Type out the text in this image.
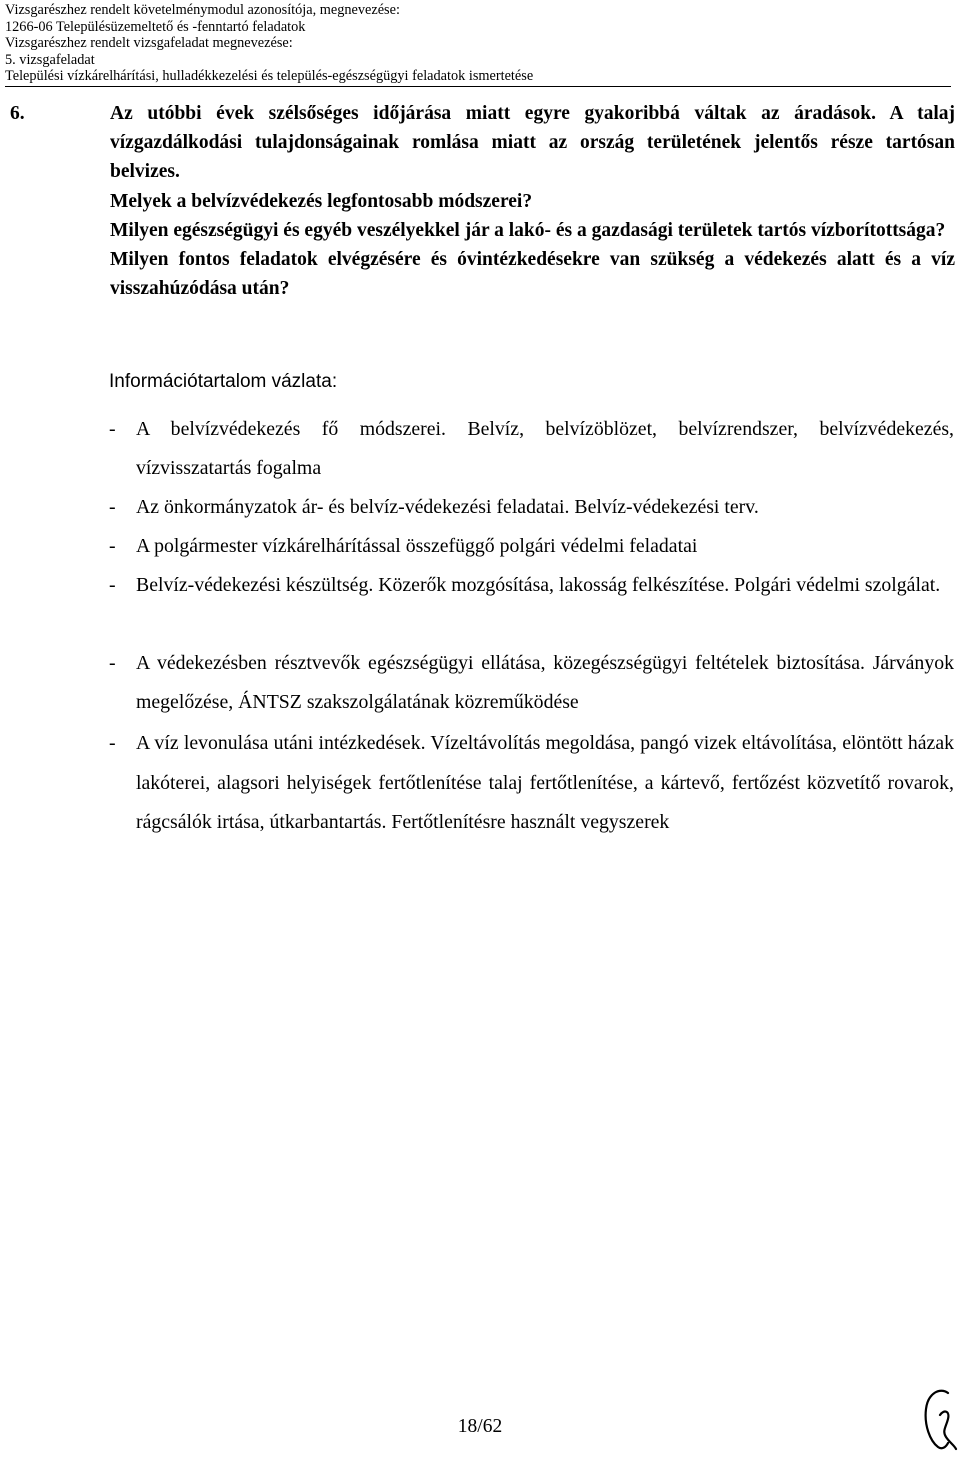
Vizsgarészhez rendelt követelménymodul azonosítója, megnevezése:
1266-06 Településüzemeltető és -fenntartó feladatok
Vizsgarészhez rendelt vizsgafeladat megnevezése:
5. vizsgafeladat
Települési vízkárelhárítási, hulladékkezelési és település-egészségügyi feladatok ismertetése
6.	Az utóbbi évek szélsőséges időjárása miatt egyre gyakoribbá váltak az áradások. A talaj vízgazdálkodási tulajdonságainak romlása miatt az ország területének jelentős része tartósan belvizes.

Melyek a belvízvédekezés legfontosabb módszerei?

Milyen egészségügyi és egyéb veszélyekkel jár a lakó- és a gazdasági területek tartós vízborítottsága?

Milyen fontos feladatok elvégzésére és óvintézkedésekre van szükség a védekezés alatt és a víz visszahúzódása után?

Információtartalom vázlata:
- A belvízvédekezés fő módszerei. Belvíz, belvízöblözet, belvízrendszer, belvízvédekezés, vízvisszatartás fogalma
- Az önkormányzatok ár- és belvíz-védekezési feladatai. Belvíz-védekezési terv.
- A polgármester vízkárelhárítással összefüggő polgári védelmi feladatai
- Belvíz-védekezési készültség. Közerők mozgósítása, lakosság felkészítése. Polgári védelmi szolgálat.
- A védekezésben résztvevők egészségügyi ellátása, közegészségügyi feltételek biztosítása. Járványok megelőzése, ÁNTSZ szakszolgálatának közreműködése
- A víz levonulása utáni intézkedések. Vízeltávolítás megoldása, pangó vizek eltávolítása, elöntött házak lakóterei, alagsori helyiségek fertőtlenítése talaj fertőtlenítése, a kártevő, fertőzést közvetítő rovarok, rágcsálók irtása, útkarbantartás. Fertőtlenítésre használt vegyszerek
18/62
